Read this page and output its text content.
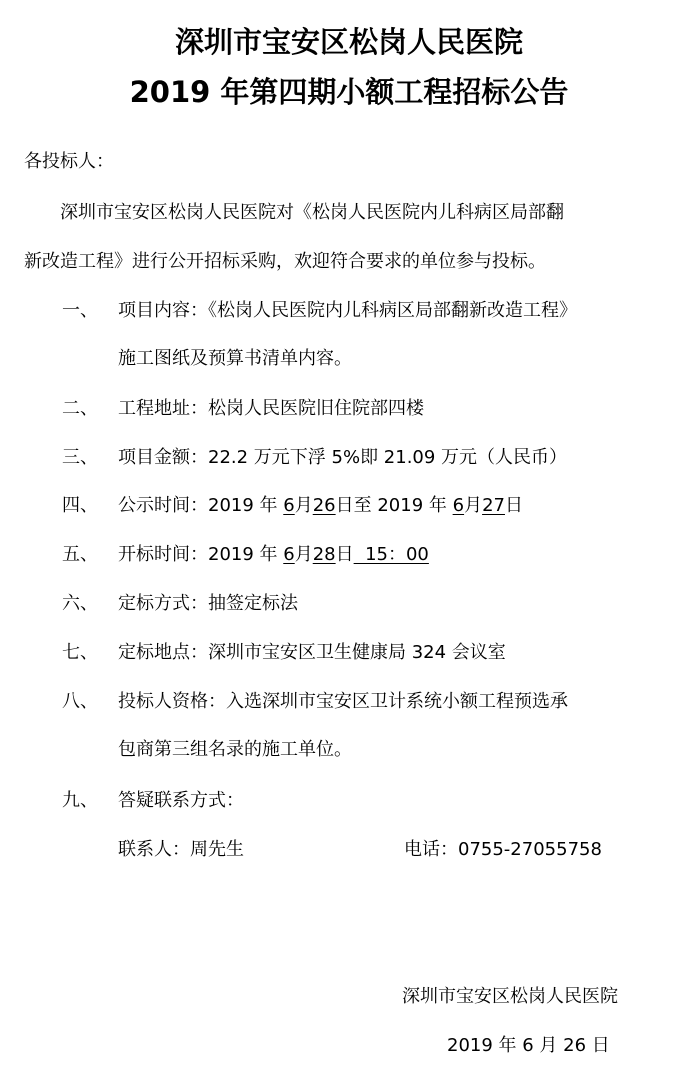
深圳市宝安区松岗人民医院
2019 年第四期小额工程招标公告
各投标人：
深圳市宝安区松岗人民医院对《松岗人民医院内儿科病区局部翻
新改造工程》进行公开招标采购，欢迎符合要求的单位参与投标。
一、 项目内容：《松岗人民医院内儿科病区局部翻新改造工程》
施工图纸及预算书清单内容。
二、 工程地址：松岗人民医院旧住院部四楼
三、 项目金额：22.2 万元下浮 5%即 21.09 万元（人民币）
四、 公示时间：2019 年 6月26日至 2019 年 6月27日
五、 开标时间：2019 年 6月28日  15：00
六、 定标方式：抽签定标法
七、 定标地点：深圳市宝安区卫生健康局 324 会议室
八、 投标人资格：入选深圳市宝安区卫计系统小额工程预选承
包商第三组名录的施工单位。
九、 答疑联系方式：
联系人：周先生	电话：0755-27055758
深圳市宝安区松岗人民医院
2019 年 6 月 26 日
